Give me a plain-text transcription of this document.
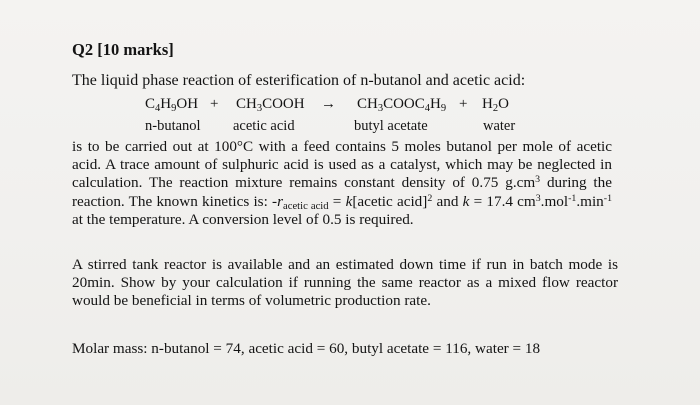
Q2 [10 marks]
The liquid phase reaction of esterification of n-butanol and acetic acid:
$C_4H_9OH$ + $CH_3COOH$ → $CH_3COOC_4H_9 + H_2O$
n-butanol acetic acid	butyl acetate	water
is to be carried out at 100°C with a feed contains 5 moles butanol per mole of acetic acid. A trace amount of sulphuric acid is used as a catalyst, which may be neglected in calculation. The reaction mixture remains constant density of 0.75 $g.cm^3$ during the reaction. The known kinetics is: $-r_{acetic acid}$ = k[acetic acid]$^2$ and k = 17.4 $cm^3.mol^{-1}.\min^{-1}$ at the temperature. A conversion level of 0.5 is required.
A stirred tank reactor is available and an estimated down time if run in batch mode is 20min. Show by your calculation if running the same reactor as a mixed flow reactor would be beneficial in terms of volumetric production rate.
Molar mass: n-butanol = 74, acetic acid = 60, butyl acetate = 116, water = 18
